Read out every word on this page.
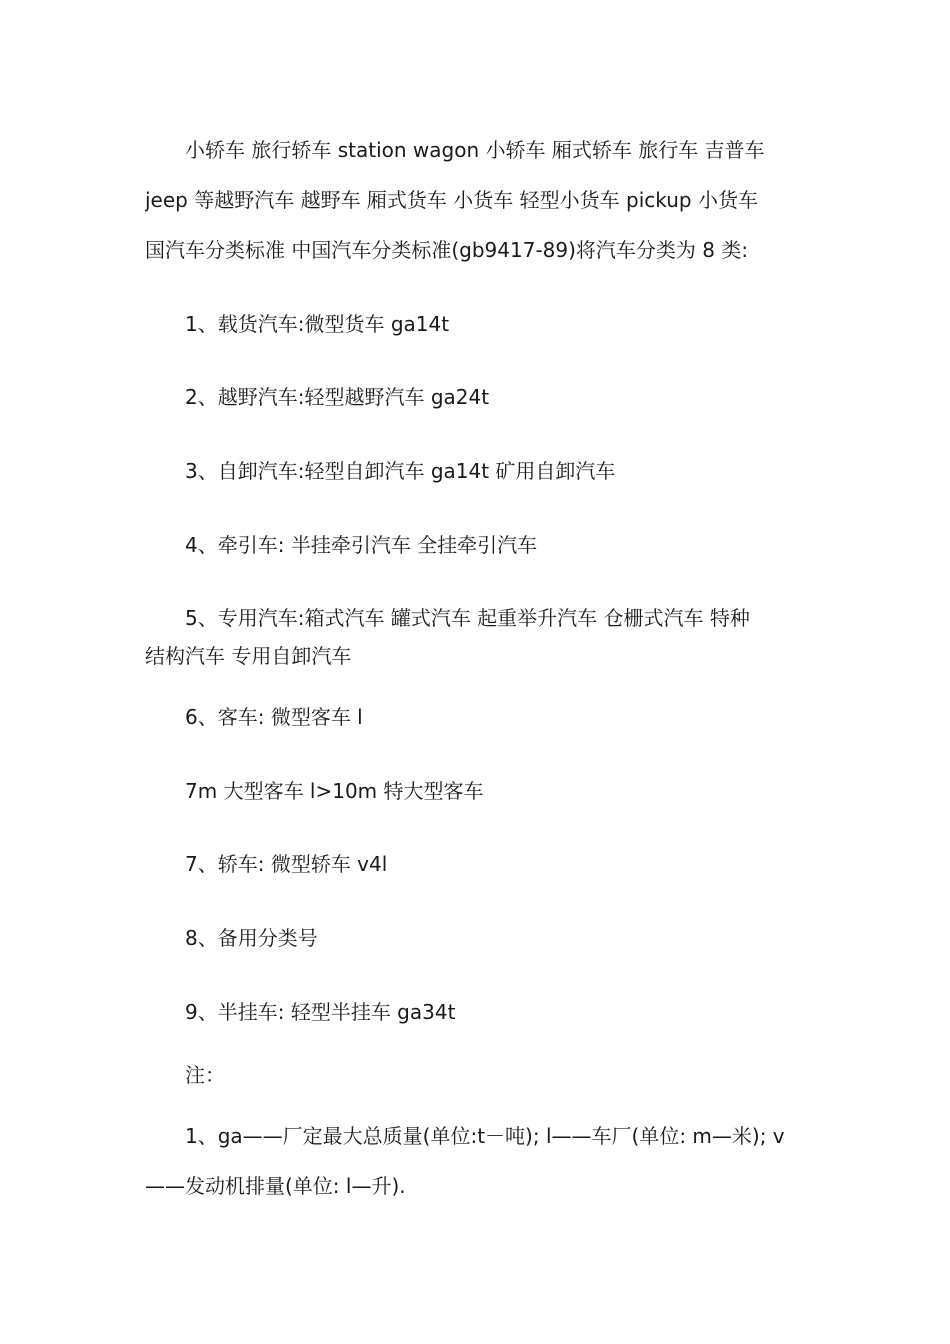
　　小轿车 旅行轿车 station wagon 小轿车 厢式轿车 旅行车 吉普车
jeep 等越野汽车 越野车 厢式货车 小货车 轻型小货车 pickup 小货车
国汽车分类标准 中国汽车分类标准(gb9417-89)将汽车分类为 8 类:
　　1、载货汽车:微型货车 ga14t
　　2、越野汽车:轻型越野汽车 ga24t
　　3、自卸汽车:轻型自卸汽车 ga14t 矿用自卸汽车
　　4、牵引车: 半挂牵引汽车 全挂牵引汽车
　　5、专用汽车:箱式汽车 罐式汽车 起重举升汽车 仓栅式汽车 特种
结构汽车 专用自卸汽车
　　6、客车: 微型客车 l
　　7m 大型客车 l>10m 特大型客车
　　7、轿车: 微型轿车 v4l
　　8、备用分类号
　　9、半挂车: 轻型半挂车 ga34t
　　注：
　　1、ga——厂定最大总质量(单位:t－吨); l——车厂(单位: m—米); v
——发动机排量(单位: l—升).
